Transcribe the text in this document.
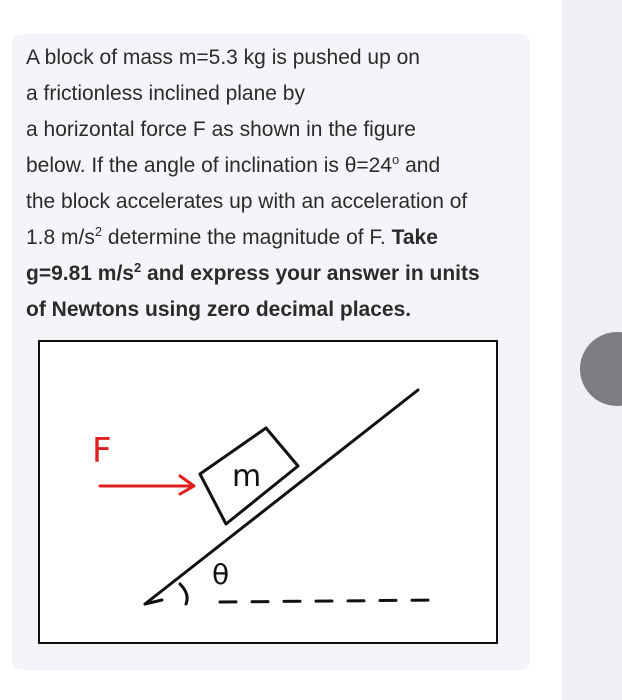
A block of mass m=5.3 kg is pushed up on
a frictionless inclined plane by
a horizontal force F as shown in the figure
below. If the angle of inclination is $\theta=24^o$ and
the block accelerates up with an acceleration of
1.8 $m/s^2$ determine the magnitude of F. Take
g=9.81 $m/s^2$ and express your answer in units
of Newtons using zero decimal places.
F
m
θ
